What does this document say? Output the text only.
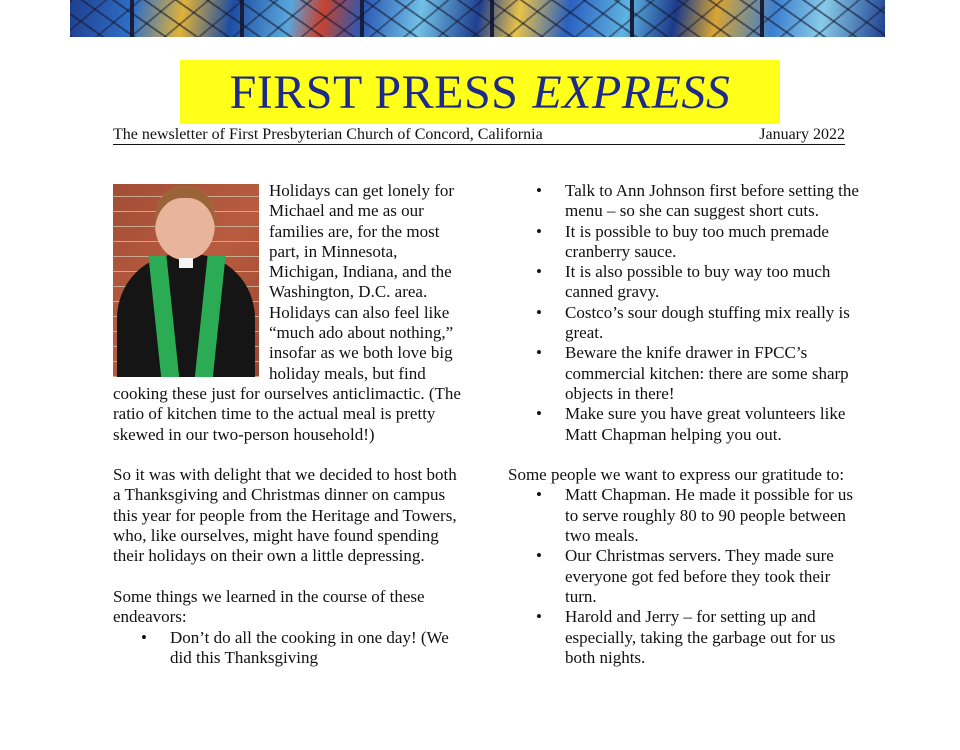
FIRST PRESS EXPRESS
The newsletter of First Presbyterian Church of Concord, California	January 2022

Holidays can get lonely for Michael and me as our families are, for the most part, in Minnesota, Michigan, Indiana, and the Washington, D.C. area. Holidays can also feel like “much ado about nothing,” insofar as we both love big holiday meals, but find cooking these just for ourselves anticlimactic. (The ratio of kitchen time to the actual meal is pretty skewed in our two-person household!)

So it was with delight that we decided to host both a Thanksgiving and Christmas dinner on campus this year for people from the Heritage and Towers, who, like ourselves, might have found spending their holidays on their own a little depressing.

Some things we learned in the course of these endeavors:

• Don’t do all the cooking in one day! (We did this Thanksgiving
• Talk to Ann Johnson first before setting the menu – so she can suggest short cuts.
• It is possible to buy too much premade cranberry sauce.
• It is also possible to buy way too much canned gravy.
• Costco’s sour dough stuffing mix really is great.
• Beware the knife drawer in FPCC’s commercial kitchen: there are some sharp objects in there!
• Make sure you have great volunteers like Matt Chapman helping you out.

Some people we want to express our gratitude to:

• Matt Chapman. He made it possible for us to serve roughly 80 to 90 people between two meals.
• Our Christmas servers. They made sure everyone got fed before they took their turn.
• Harold and Jerry – for setting up and especially, taking the garbage out for us both nights.
